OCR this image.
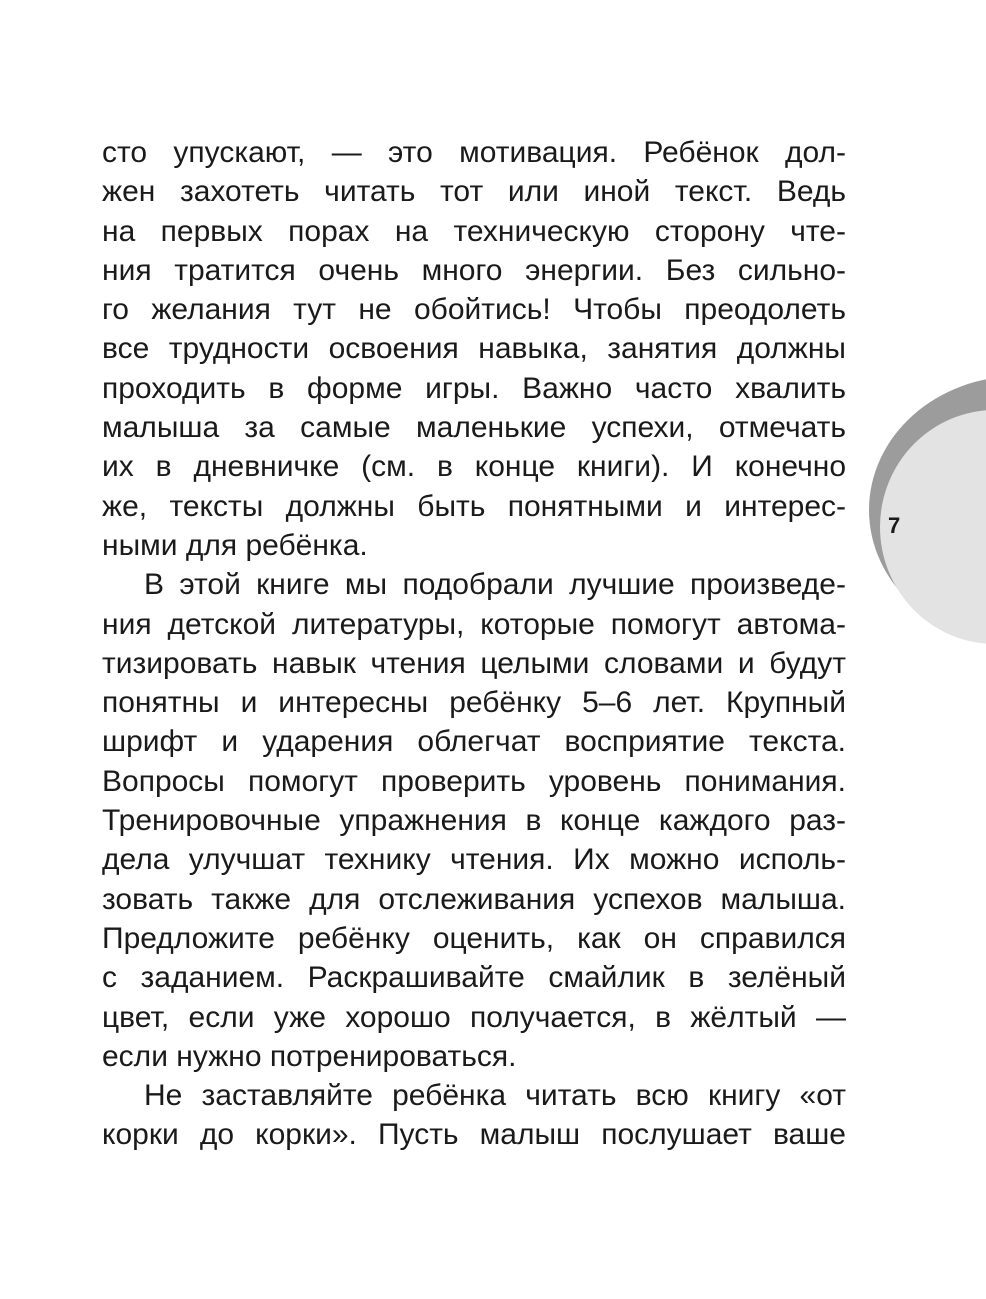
7
сто упускают, — это мотивация. Ребёнок дол-
жен захотеть читать тот или иной текст. Ведь
на первых порах на техническую сторону чте-
ния тратится очень много энергии. Без сильно-
го желания тут не обойтись! Чтобы преодолеть
все трудности освоения навыка, занятия должны
проходить в форме игры. Важно часто хвалить
малыша за самые маленькие успехи, отмечать
их в дневничке (см. в конце книги). И конечно
же, тексты должны быть понятными и интерес-
ными для ребёнка.
В этой книге мы подобрали лучшие произведе-
ния детской литературы, которые помогут автома-
тизировать навык чтения целыми словами и будут
понятны и интересны ребёнку 5–6 лет. Крупный
шрифт и ударения облегчат восприятие текста.
Вопросы помогут проверить уровень понимания.
Тренировочные упражнения в конце каждого раз-
дела улучшат технику чтения. Их можно исполь-
зовать также для отслеживания успехов малыша.
Предложите ребёнку оценить, как он справился
с заданием. Раскрашивайте смайлик в зелёный
цвет, если уже хорошо получается, в жёлтый —
если нужно потренироваться.
Не заставляйте ребёнка читать всю книгу «от
корки до корки». Пусть малыш послушает ваше
